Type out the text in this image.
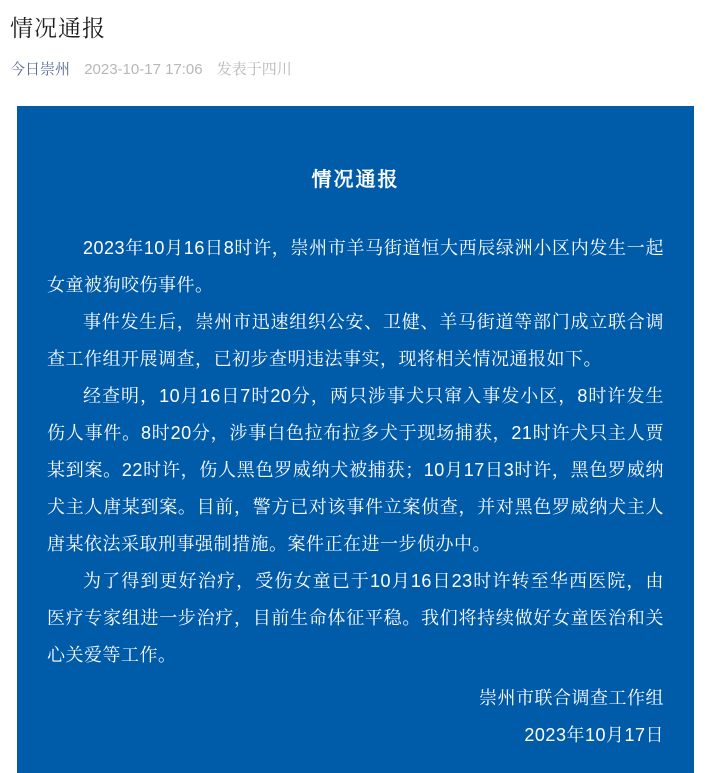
情况通报
今日崇州 2023-10-17 17:06 发表于四川
情况通报

2023年10月16日8时许，崇州市羊马街道恒大西辰绿洲小区内发生一起女童被狗咬伤事件。

事件发生后，崇州市迅速组织公安、卫健、羊马街道等部门成立联合调查工作组开展调查，已初步查明违法事实，现将相关情况通报如下。

经查明，10月16日7时20分，两只涉事犬只窜入事发小区，8时许发生伤人事件。8时20分，涉事白色拉布拉多犬于现场捕获，21时许犬只主人贾某到案。22时许，伤人黑色罗威纳犬被捕获；10月17日3时许，黑色罗威纳犬主人唐某到案。目前，警方已对该事件立案侦查，并对黑色罗威纳犬主人唐某依法采取刑事强制措施。案件正在进一步侦办中。

为了得到更好治疗，受伤女童已于10月16日23时许转至华西医院，由医疗专家组进一步治疗，目前生命体征平稳。我们将持续做好女童医治和关心关爱等工作。

崇州市联合调查工作组
2023年10月17日
